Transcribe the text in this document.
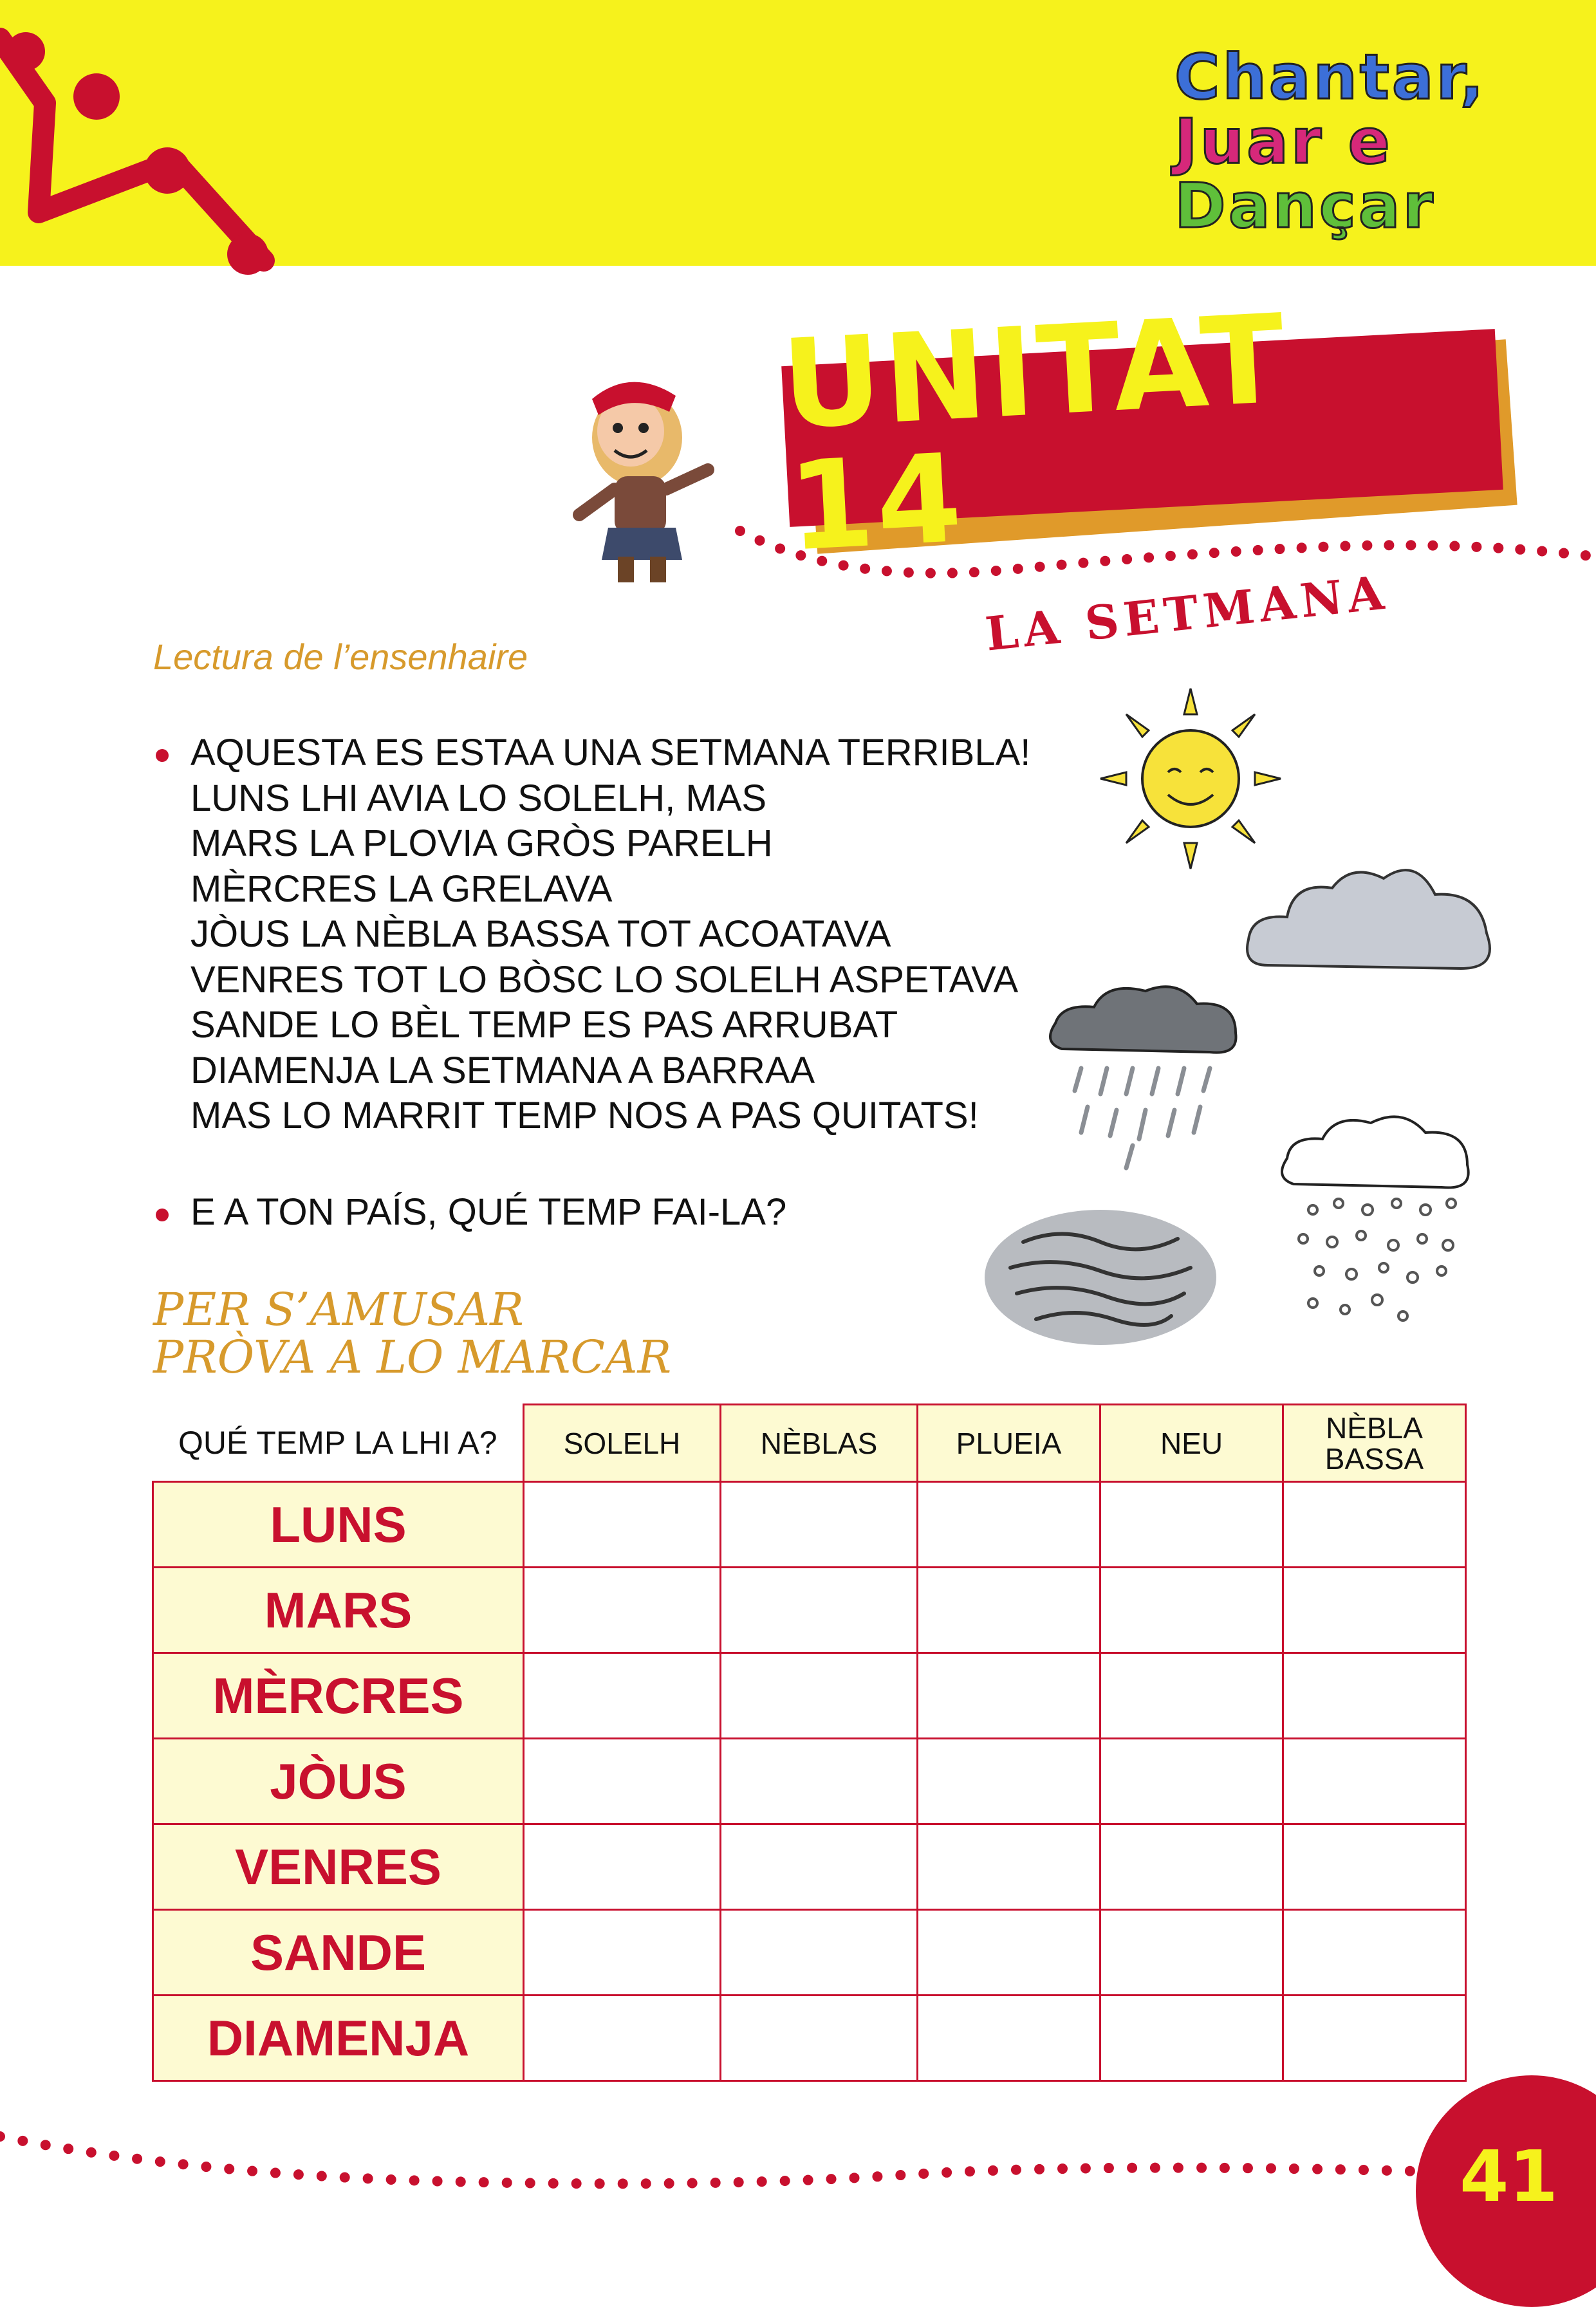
Chantar,
Juar e
Dançar
UNITAT 14
LA SETMANA
Lectura de l’ensenhaire
AQUESTA ES ESTAA UNA SETMANA TERRIBLA!
LUNS LHI AVIA LO SOLELH, MAS
MARS LA PLOVIA GRÒS PARELH
MÈRCRES LA GRELAVA
JÒUS LA NÈBLA BASSA TOT ACOATAVA
VENRES TOT LO BÒSC LO SOLELH ASPETAVA
SANDE LO BÈL TEMP ES PAS ARRUBAT
DIAMENJA LA SETMANA A BARRAA
MAS LO MARRIT TEMP NOS A PAS QUITATS!
E A TON PAÍS, QUÉ TEMP FAI-LA?
PER S’AMUSAR
PRÒVA A LO MARCAR
QUÉ TEMP LA LHI A?	SOLELH	NÈBLAS	PLUEIA	NEU	NÈBLA BASSA
LUNS					
MARS					
MÈRCRES					
JÒUS					
VENRES					
SANDE					
DIAMENJA					
41
